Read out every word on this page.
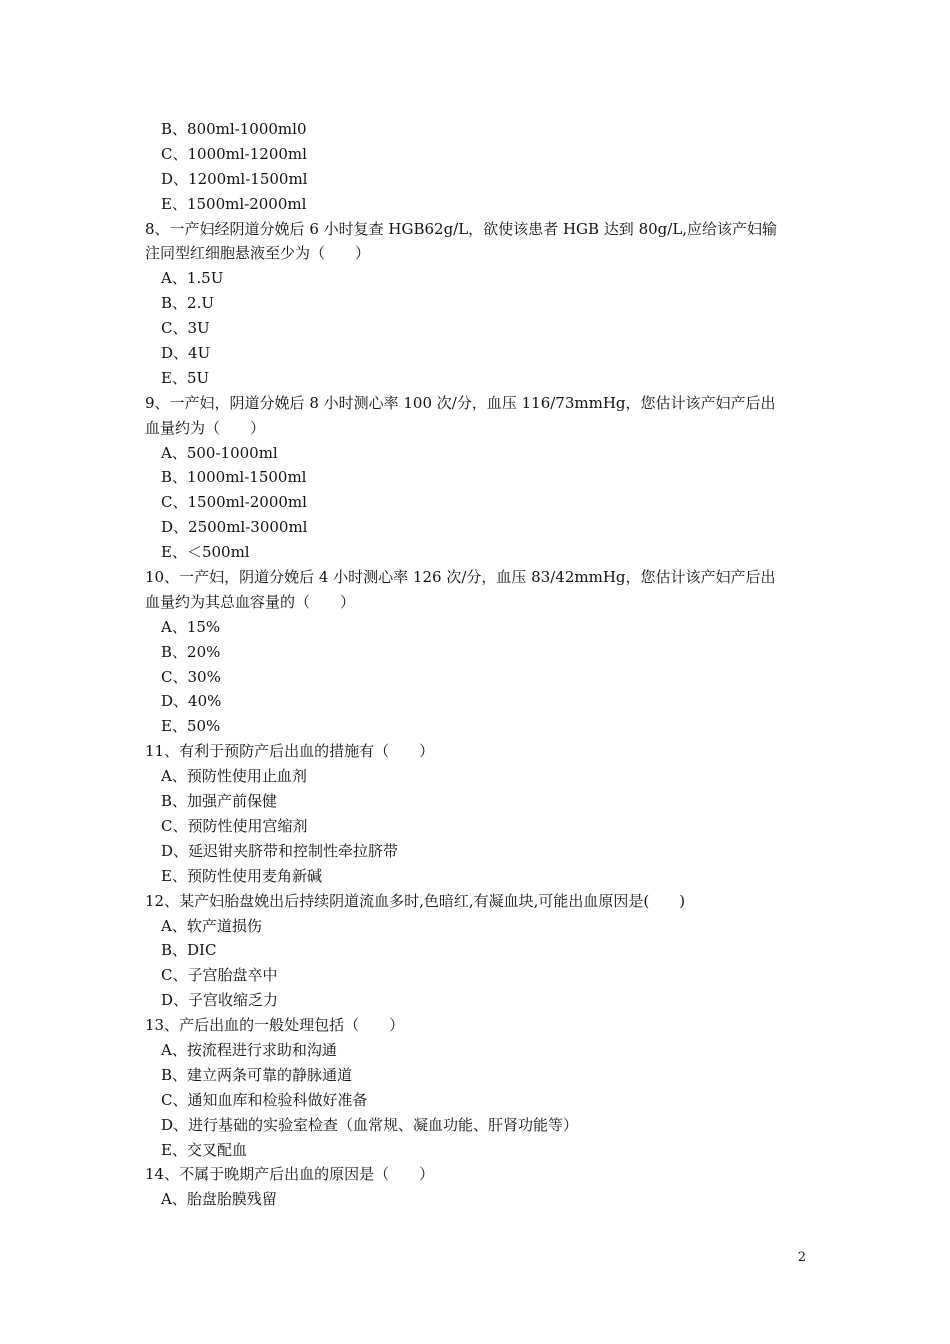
B、800ml-1000ml0
C、1000ml-1200ml
D、1200ml-1500ml
E、1500ml-2000ml
8、一产妇经阴道分娩后 6 小时复查 HGB62g/L，欲使该患者 HGB 达到 80g/L,应给该产妇输
注同型红细胞悬液至少为（　　）
A、1.5U
B、2.U
C、3U
D、4U
E、5U
9、一产妇，阴道分娩后 8 小时测心率 100 次/分，血压 116/73mmHg，您估计该产妇产后出
血量约为（　　）
A、500-1000ml
B、1000ml-1500ml
C、1500ml-2000ml
D、2500ml-3000ml
E、＜500ml
10、一产妇，阴道分娩后 4 小时测心率 126 次/分，血压 83/42mmHg，您估计该产妇产后出
血量约为其总血容量的（　　）
A、15%
B、20%
C、30%
D、40%
E、50%
11、有利于预防产后出血的措施有（　　）
A、预防性使用止血剂
B、加强产前保健
C、预防性使用宫缩剂
D、延迟钳夹脐带和控制性牵拉脐带
E、预防性使用麦角新碱
12、某产妇胎盘娩出后持续阴道流血多时,色暗红,有凝血块,可能出血原因是(　　)
A、软产道损伤
B、DIC
C、子宫胎盘卒中
D、子宫收缩乏力
13、产后出血的一般处理包括（　　）
A、按流程进行求助和沟通
B、建立两条可靠的静脉通道
C、通知血库和检验科做好准备
D、进行基础的实验室检查（血常规、凝血功能、肝肾功能等）
E、交叉配血
14、不属于晚期产后出血的原因是（　　）
A、胎盘胎膜残留
2
